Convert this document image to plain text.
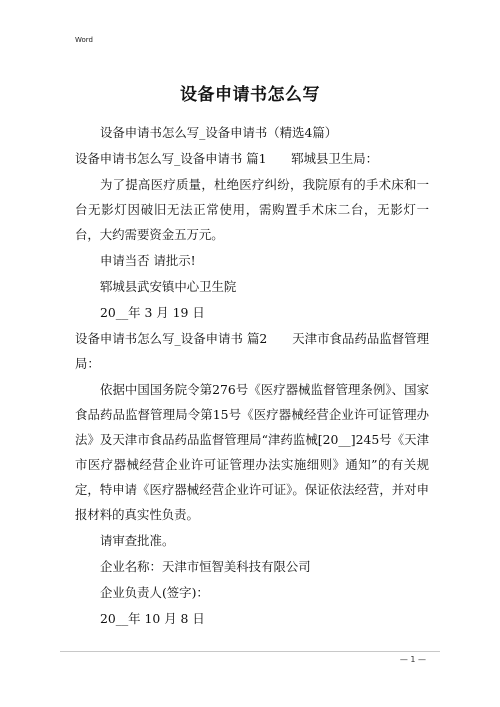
Word
设备申请书怎么写

设备申请书怎么写_设备申请书（精选4篇）

设备申请书怎么写_设备申请书 篇1　　郓城县卫生局：

为了提高医疗质量，杜绝医疗纠纷，我院原有的手术床和一台无影灯因破旧无法正常使用，需购置手术床二台，无影灯一台，大约需要资金五万元。

申请当否 请批示!

郓城县武安镇中心卫生院

20__年 3 月 19 日

设备申请书怎么写_设备申请书 篇2　　天津市食品药品监督管理局：

依据中国国务院令第276号《医疗器械监督管理条例》、国家食品药品监督管理局令第15号《医疗器械经营企业许可证管理办法》及天津市食品药品监督管理局“津药监械[20__]245号《天津市医疗器械经营企业许可证管理办法实施细则》通知”的有关规定，特申请《医疗器械经营企业许可证》。保证依法经营，并对申报材料的真实性负责。

请审查批准。

企业名称：天津市恒智美科技有限公司

企业负责人(签字)：

20__年 10 月 8 日

— 1 —
